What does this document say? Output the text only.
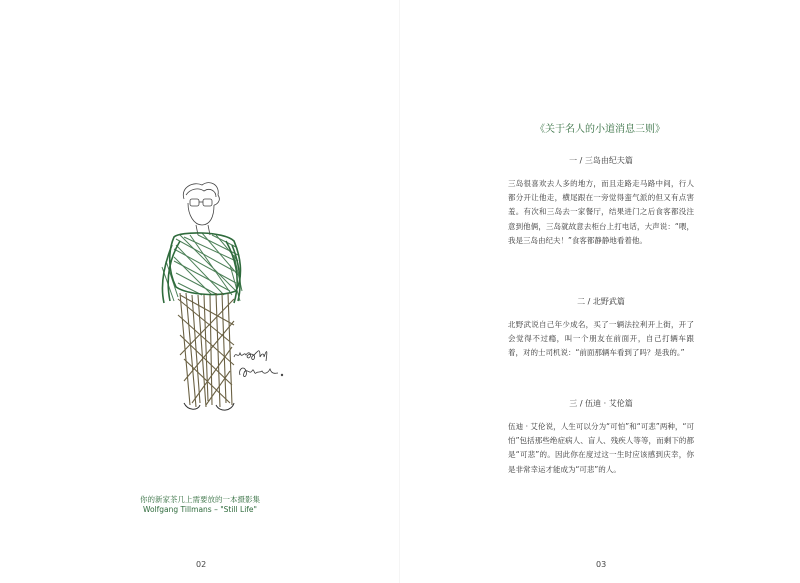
你的新家茶几上需要放的一本摄影集
Wolfgang Tillmans – "Still Life"
02
《关于名人的小道消息三则》
一 / 三岛由纪夫篇
三岛很喜欢去人多的地方，而且走路走马路中间，行人都分开让他走，横尾跟在一旁觉得蛮气派的但又有点害羞。有次和三岛去一家餐厅，结果进门之后食客都没注意到他俩，三岛就故意去柜台上打电话，大声说：“喂，我是三岛由纪夫！”食客都静静地看着他。
二 / 北野武篇
北野武说自己年少成名，买了一辆法拉利开上街，开了会觉得不过瘾，叫一个朋友在前面开，自己打辆车跟着，对的士司机说：“前面那辆车看到了吗？是我的。”
三 / 伍迪 · 艾伦篇
伍迪 · 艾伦说，人生可以分为“可怕”和“可悲”两种，“可怕”包括那些绝症病人、盲人、残疾人等等，而剩下的都是“可悲”的。因此你在度过这一生时应该感到庆幸，你是非常幸运才能成为“可悲”的人。
03
